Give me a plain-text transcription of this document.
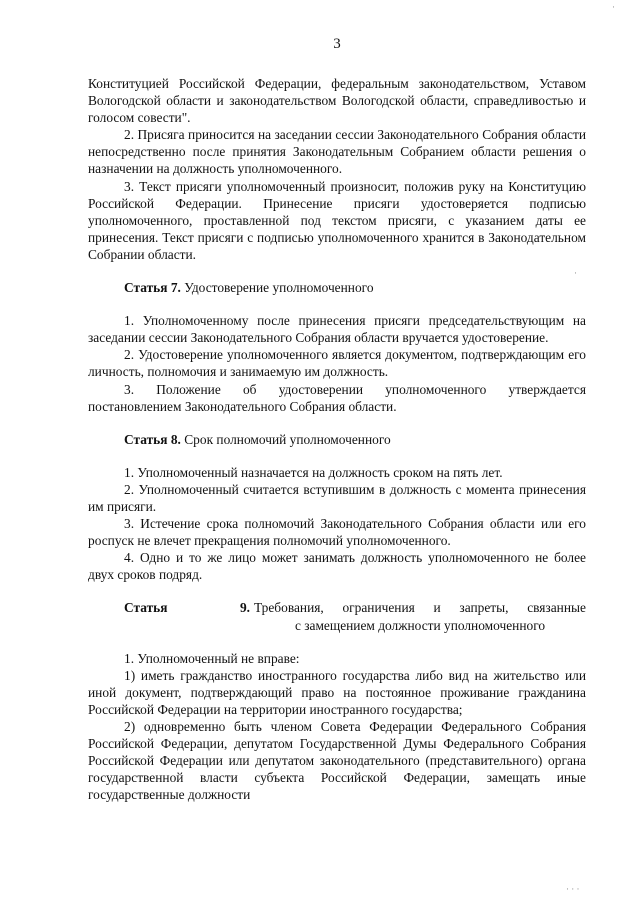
3

Конституцией Российской Федерации, федеральным законодательством, Уставом Вологодской области и законодательством Вологодской области, справедливостью и голосом совести".

2. Присяга приносится на заседании сессии Законодательного Собрания области непосредственно после принятия Законодательным Собранием области решения о назначении на должность уполномоченного.

3. Текст присяги уполномоченный произносит, положив руку на Конституцию Российской Федерации. Принесение присяги удостоверяется подписью уполномоченного, проставленной под текстом присяги, с указанием даты ее принесения. Текст присяги с подписью уполномоченного хранится в Законодательном Собрании области.

Статья 7. Удостоверение уполномоченного

1. Уполномоченному после принесения присяги председательствующим на заседании сессии Законодательного Собрания области вручается удостоверение.

2. Удостоверение уполномоченного является документом, подтверждающим его личность, полномочия и занимаемую им должность.

3. Положение об удостоверении уполномоченного утверждается постановлением Законодательного Собрания области.

Статья 8. Срок полномочий уполномоченного

1. Уполномоченный назначается на должность сроком на пять лет.

2. Уполномоченный считается вступившим в должность с момента принесения им присяги.

3. Истечение срока полномочий Законодательного Собрания области или его роспуск не влечет прекращения полномочий уполномоченного.

4. Одно и то же лицо может занимать должность уполномоченного не более двух сроков подряд.

Статья	9. Требования, ограничения и запреты, связанные
с замещением должности уполномоченного

1. Уполномоченный не вправе:

1) иметь гражданство иностранного государства либо вид на жительство или иной документ, подтверждающий право на постоянное проживание гражданина Российской Федерации на территории иностранного государства;

2) одновременно быть членом Совета Федерации Федерального Собрания Российской Федерации, депутатом Государственной Думы Федерального Собрания Российской Федерации или депутатом законодательного (представительного) органа государственной власти субъекта Российской Федерации, замещать иные государственные должности

·
·
· · ·
